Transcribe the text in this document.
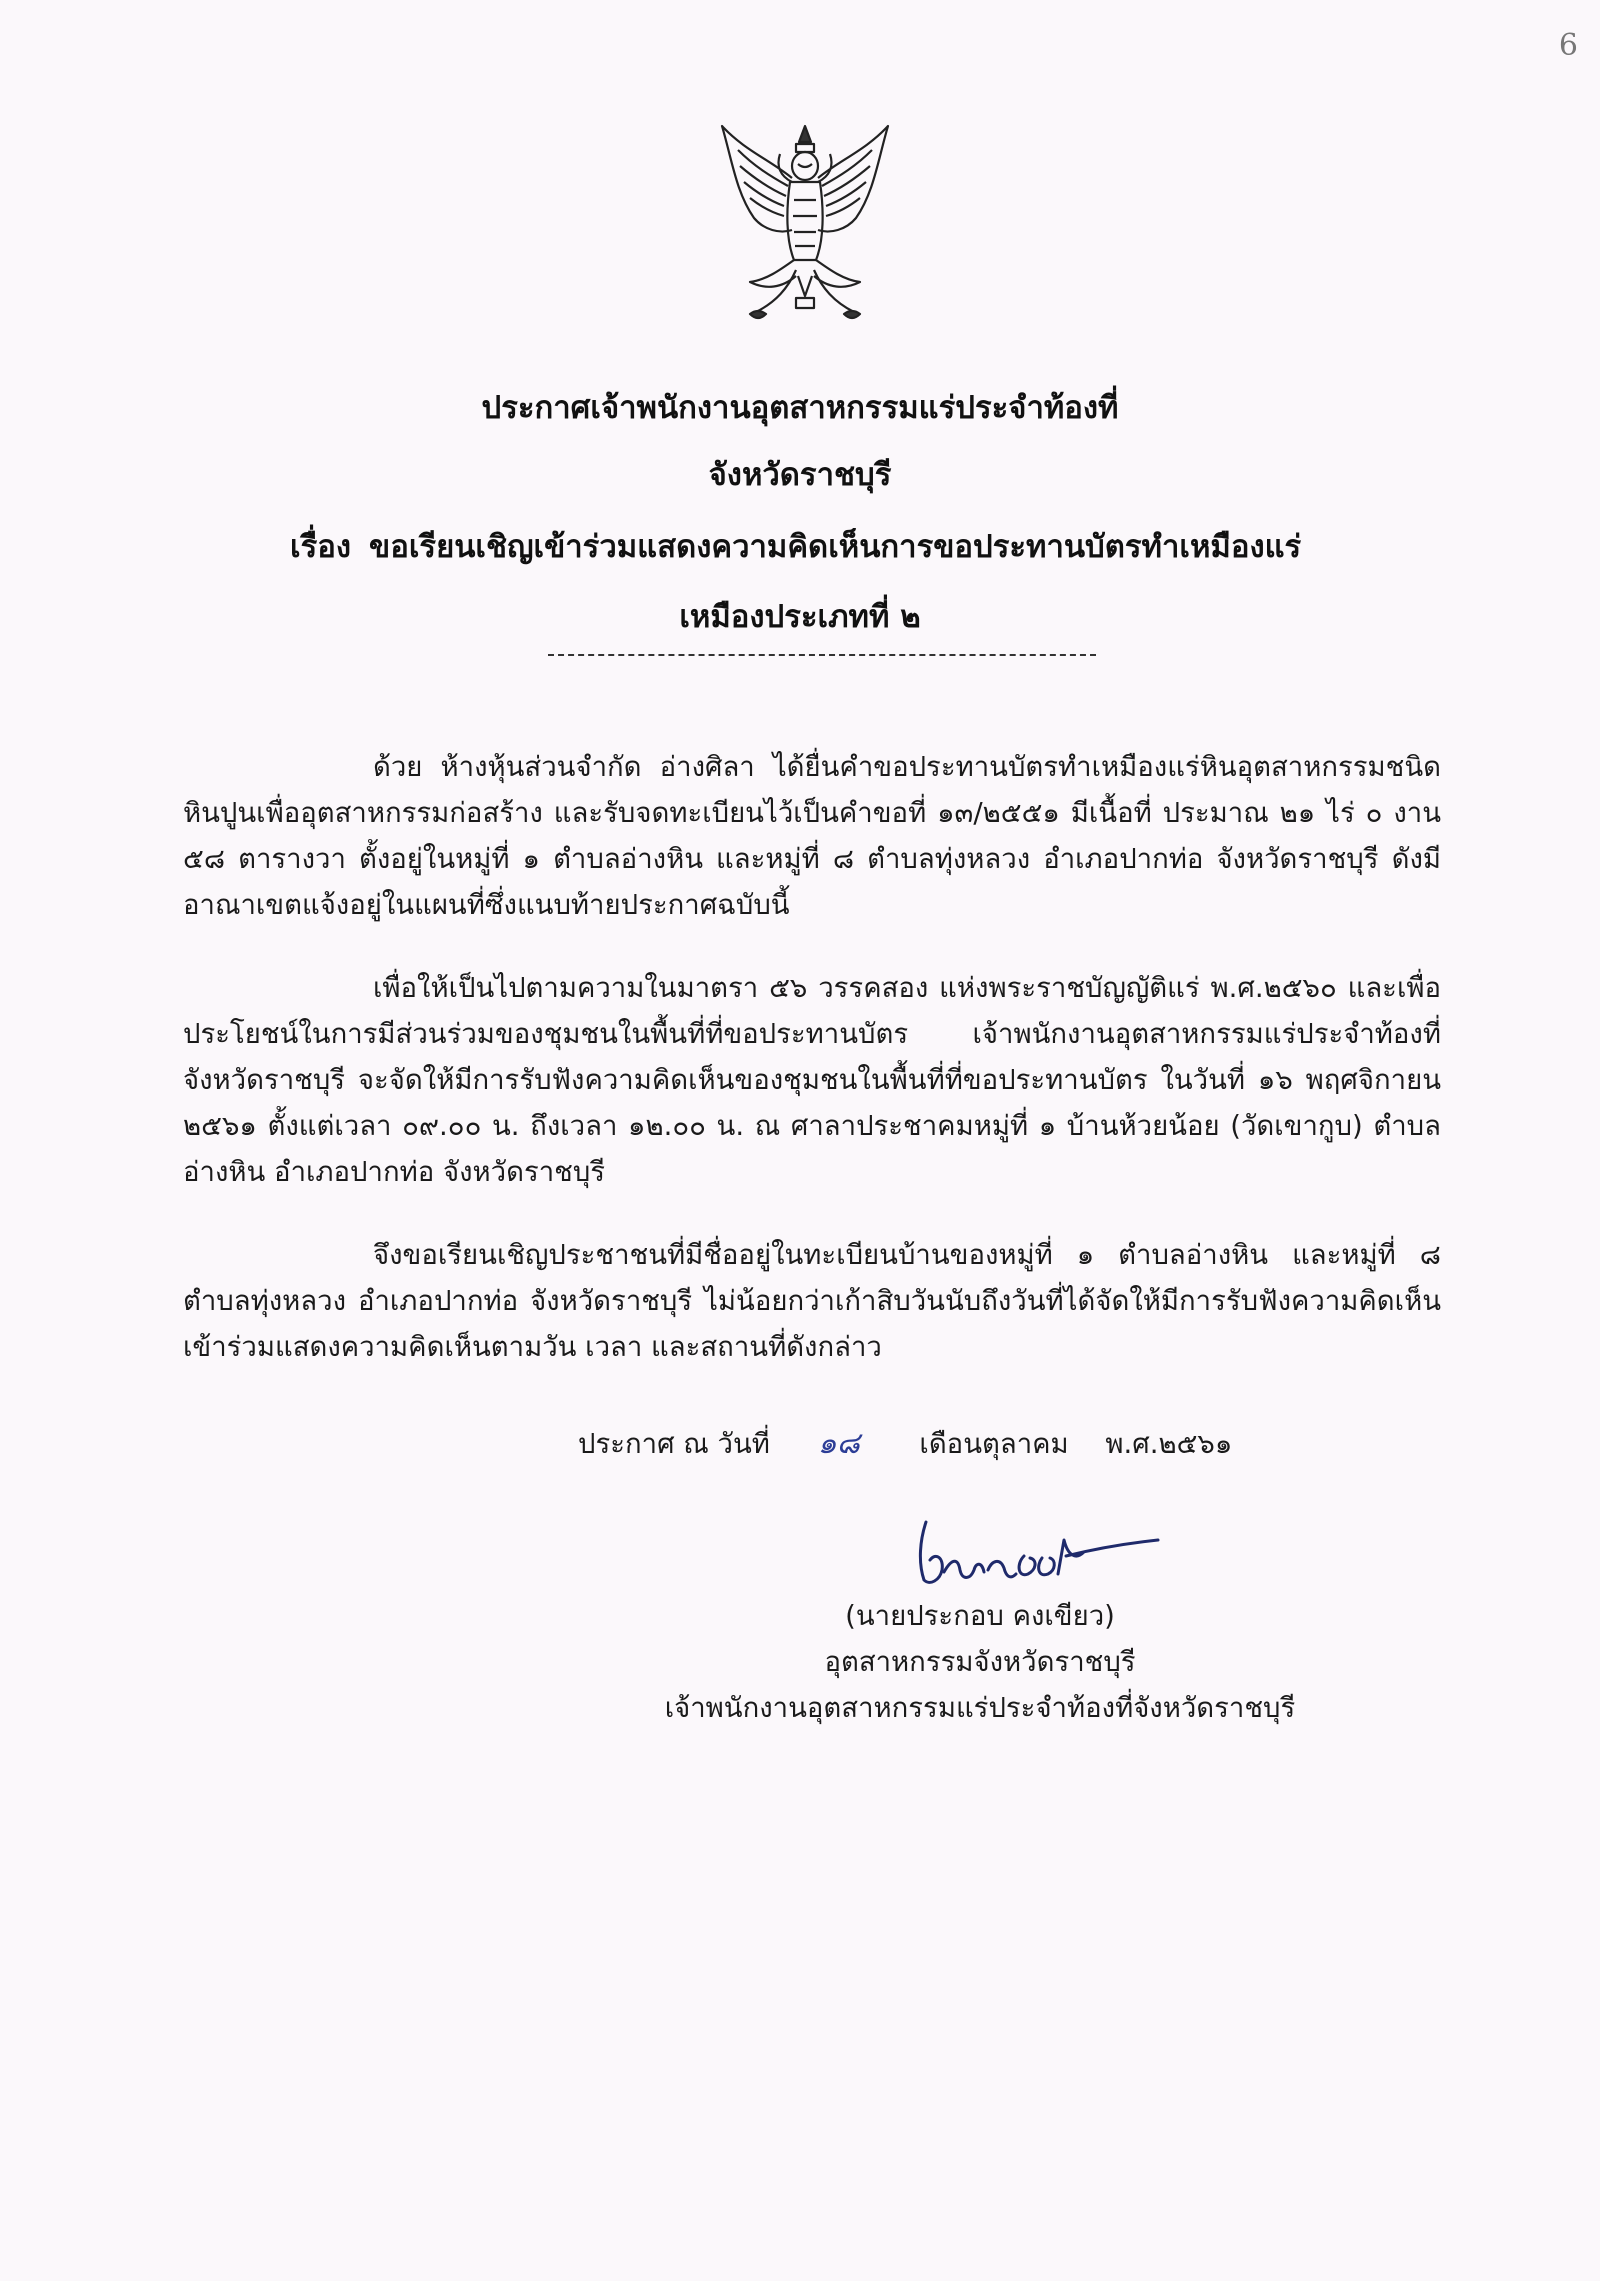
6
ประกาศเจ้าพนักงานอุตสาหกรรมแร่ประจำท้องที่
จังหวัดราชบุรี
เรื่อง ขอเรียนเชิญเข้าร่วมแสดงความคิดเห็นการขอประทานบัตรทำเหมืองแร่
เหมืองประเภทที่ ๒

ด้วย ห้างหุ้นส่วนจำกัด อ่างศิลา ได้ยื่นคำขอประทานบัตรทำเหมืองแร่หินอุตสาหกรรมชนิดหินปูนเพื่ออุตสาหกรรมก่อสร้าง และรับจดทะเบียนไว้เป็นคำขอที่ ๑๓/๒๕๕๑ มีเนื้อที่ ประมาณ ๒๑ ไร่ ๐ งาน ๕๘ ตารางวา ตั้งอยู่ในหมู่ที่ ๑ ตำบลอ่างหิน และหมู่ที่ ๘ ตำบลทุ่งหลวง อำเภอปากท่อ จังหวัดราชบุรี ดังมีอาณาเขตแจ้งอยู่ในแผนที่ซึ่งแนบท้ายประกาศฉบับนี้

เพื่อให้เป็นไปตามความในมาตรา ๕๖ วรรคสอง แห่งพระราชบัญญัติแร่ พ.ศ.๒๕๖๐ และเพื่อประโยชน์ในการมีส่วนร่วมของชุมชนในพื้นที่ที่ขอประทานบัตร เจ้าพนักงานอุตสาหกรรมแร่ประจำท้องที่จังหวัดราชบุรี จะจัดให้มีการรับฟังความคิดเห็นของชุมชนในพื้นที่ที่ขอประทานบัตร ในวันที่ ๑๖ พฤศจิกายน ๒๕๖๑ ตั้งแต่เวลา ๐๙.๐๐ น. ถึงเวลา ๑๒.๐๐ น. ณ ศาลาประชาคมหมู่ที่ ๑ บ้านห้วยน้อย (วัดเขากูบ) ตำบลอ่างหิน อำเภอปากท่อ จังหวัดราชบุรี

จึงขอเรียนเชิญประชาชนที่มีชื่ออยู่ในทะเบียนบ้านของหมู่ที่ ๑ ตำบลอ่างหิน และหมู่ที่ ๘ ตำบลทุ่งหลวง อำเภอปากท่อ จังหวัดราชบุรี ไม่น้อยกว่าเก้าสิบวันนับถึงวันที่ได้จัดให้มีการรับฟังความคิดเห็นเข้าร่วมแสดงความคิดเห็นตามวัน เวลา และสถานที่ดังกล่าว

ประกาศ ณ วันที่ ๑๘ เดือนตุลาคม พ.ศ.๒๕๖๑
(นายประกอบ คงเขียว)
อุตสาหกรรมจังหวัดราชบุรี
เจ้าพนักงานอุตสาหกรรมแร่ประจำท้องที่จังหวัดราชบุรี
